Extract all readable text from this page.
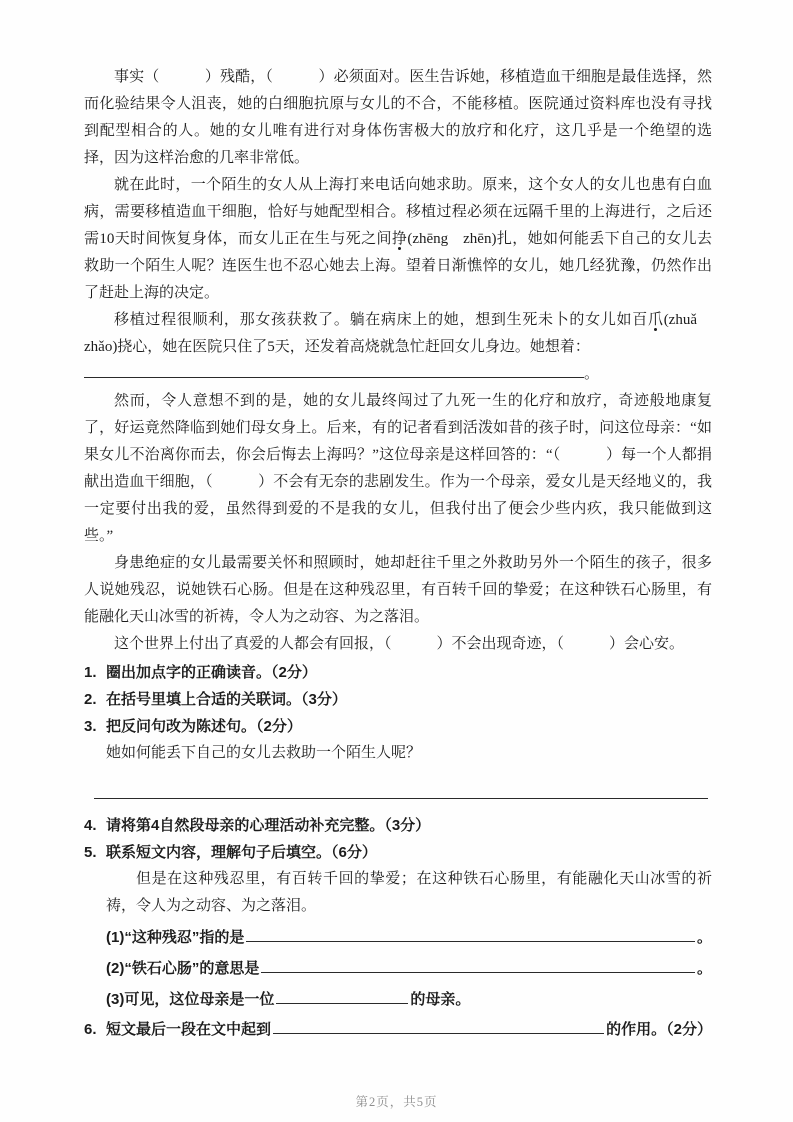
事实（　　　）残酷，（　　　）必须面对。医生告诉她，移植造血干细胞是最佳选择，然而化验结果令人沮丧，她的白细胞抗原与女儿的不合，不能移植。医院通过资料库也没有寻找到配型相合的人。她的女儿唯有进行对身体伤害极大的放疗和化疗，这几乎是一个绝望的选择，因为这样治愈的几率非常低。

就在此时，一个陌生的女人从上海打来电话向她求助。原来，这个女人的女儿也患有白血病，需要移植造血干细胞，恰好与她配型相合。移植过程必须在远隔千里的上海进行，之后还需10天时间恢复身体，而女儿正在生与死之间挣(zhēng  zhēn)扎，她如何能丢下自己的女儿去救助一个陌生人呢？连医生也不忍心她去上海。望着日渐憔悴的女儿，她几经犹豫，仍然作出了赶赴上海的决定。

移植过程很顺利，那女孩获救了。躺在病床上的她，想到生死未卜的女儿如百爪(zhuǎ  zhǎo)挠心，她在医院只住了5天，还发着高烧就急忙赶回女儿身边。她想着：

。

然而，令人意想不到的是，她的女儿最终闯过了九死一生的化疗和放疗，奇迹般地康复了，好运竟然降临到她们母女身上。后来，有的记者看到活泼如昔的孩子时，问这位母亲：“如果女儿不治离你而去，你会后悔去上海吗？”这位母亲是这样回答的：“（　　　）每一个人都捐献出造血干细胞，（　　　）不会有无奈的悲剧发生。作为一个母亲，爱女儿是天经地义的，我一定要付出我的爱，虽然得到爱的不是我的女儿，但我付出了便会少些内疚，我只能做到这些。”

身患绝症的女儿最需要关怀和照顾时，她却赶往千里之外救助另外一个陌生的孩子，很多人说她残忍，说她铁石心肠。但是在这种残忍里，有百转千回的挚爱；在这种铁石心肠里，有能融化天山冰雪的祈祷，令人为之动容、为之落泪。

这个世界上付出了真爱的人都会有回报，（　　　）不会出现奇迹，（　　　）会心安。

1. 圈出加点字的正确读音。（2分）
2. 在括号里填上合适的关联词。（3分）
3. 把反问句改为陈述句。（2分）

她如何能丢下自己的女儿去救助一个陌生人呢？

4. 请将第4自然段母亲的心理活动补充完整。（3分）
5. 联系短文内容，理解句子后填空。（6分）

但是在这种残忍里，有百转千回的挚爱；在这种铁石心肠里，有能融化天山冰雪的祈祷，令人为之动容、为之落泪。

(1)“这种残忍”指的是	。
(2)“铁石心肠”的意思是	。
(3)可见，这位母亲是一位	的母亲。
6. 短文最后一段在文中起到	的作用。（2分）
第2页，共5页
